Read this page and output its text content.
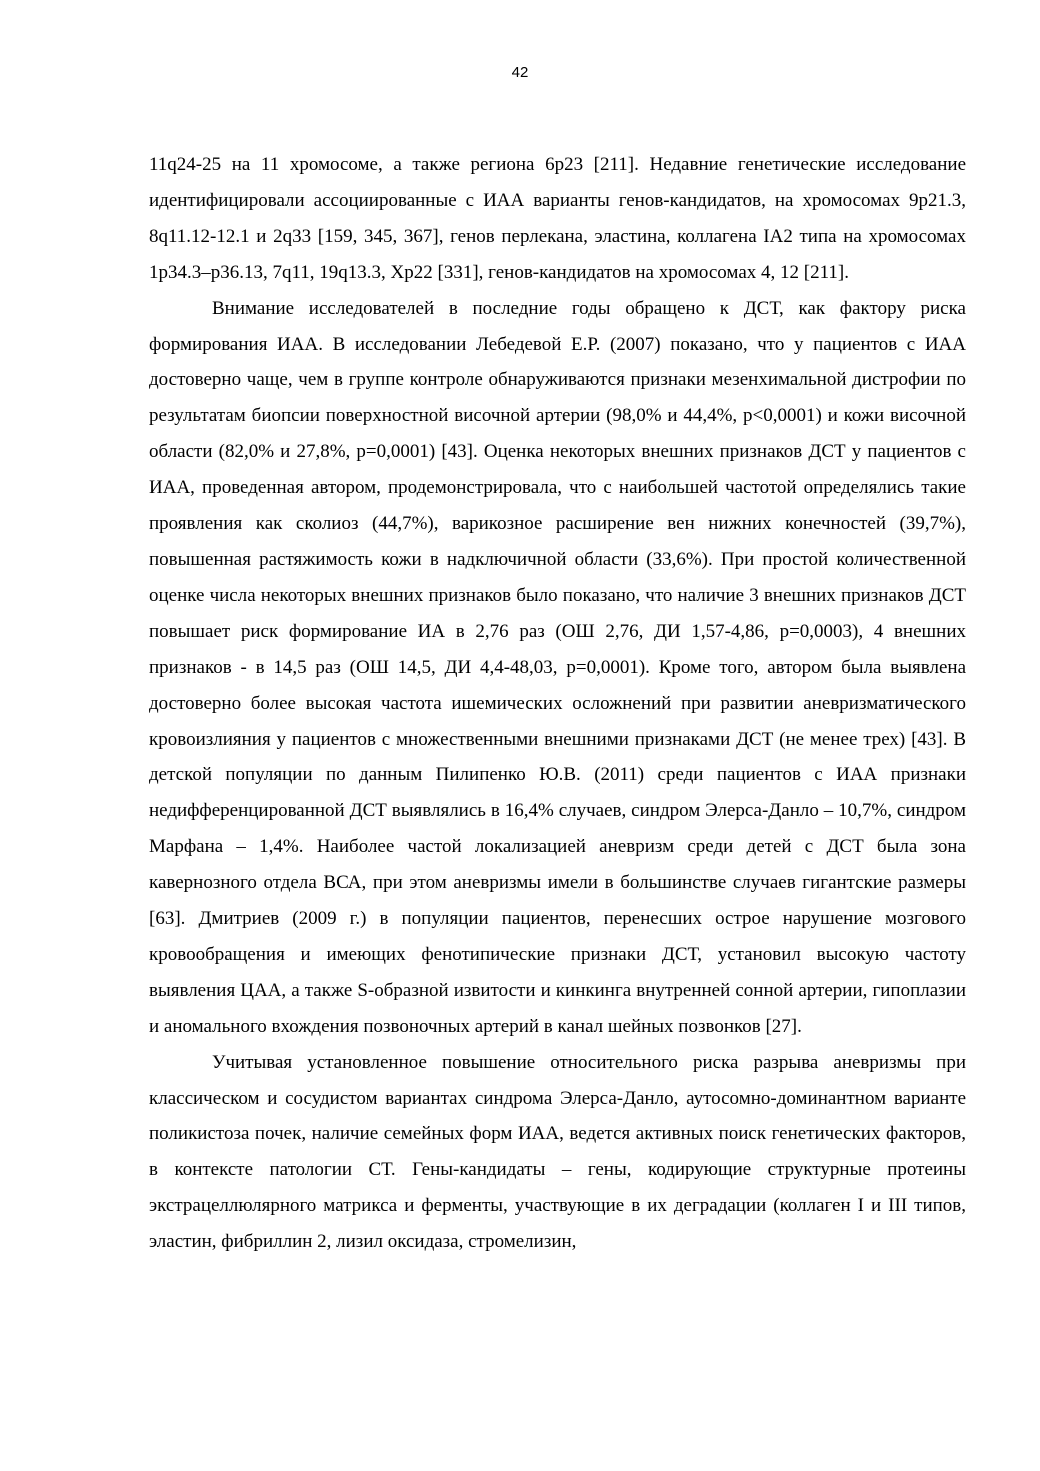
42

11q24-25 на 11 хромосоме, а также региона 6p23 [211]. Недавние генетические исследование идентифицировали ассоциированные с ИАА варианты генов-кандидатов, на хромосомах 9p21.3, 8q11.12-12.1 и 2q33 [159, 345, 367], генов перлекана, эластина, коллагена IA2 типа на хромосомах 1p34.3–p36.13, 7q11, 19q13.3, Xp22 [331], генов-кандидатов на хромосомах 4, 12 [211].

Внимание исследователей в последние годы обращено к ДСТ, как фактору риска формирования ИАА. В исследовании Лебедевой Е.Р. (2007) показано, что у пациентов с ИАА достоверно чаще, чем в группе контроле обнаруживаются признаки мезенхимальной дистрофии по результатам биопсии поверхностной височной артерии (98,0% и 44,4%, p<0,0001) и кожи височной области (82,0% и 27,8%, p=0,0001) [43]. Оценка некоторых внешних признаков ДСТ у пациентов с ИАА, проведенная автором, продемонстрировала, что с наибольшей частотой определялись такие проявления как сколиоз (44,7%), варикозное расширение вен нижних конечностей (39,7%), повышенная растяжимость кожи в надключичной области (33,6%). При простой количественной оценке числа некоторых внешних признаков было показано, что наличие 3 внешних признаков ДСТ повышает риск формирование ИА в 2,76 раз (ОШ 2,76, ДИ 1,57-4,86, p=0,0003), 4 внешних признаков - в 14,5 раз (ОШ 14,5, ДИ 4,4-48,03, p=0,0001). Кроме того, автором была выявлена достоверно более высокая частота ишемических осложнений при развитии аневризматического кровоизлияния у пациентов с множественными внешними признаками ДСТ (не менее трех) [43]. В детской популяции по данным Пилипенко Ю.В. (2011) среди пациентов с ИАА признаки недифференцированной ДСТ выявлялись в 16,4% случаев, синдром Элерса-Данло – 10,7%, синдром Марфана – 1,4%. Наиболее частой локализацией аневризм среди детей с ДСТ была зона кавернозного отдела ВСА, при этом аневризмы имели в большинстве случаев гигантские размеры [63]. Дмитриев (2009 г.) в популяции пациентов, перенесших острое нарушение мозгового кровообращения и имеющих фенотипические признаки ДСТ, установил высокую частоту выявления ЦАА, а также S-образной извитости и кинкинга внутренней сонной артерии, гипоплазии и аномального вхождения позвоночных артерий в канал шейных позвонков [27].

Учитывая установленное повышение относительного риска разрыва аневризмы при классическом и сосудистом вариантах синдрома Элерса-Данло, аутосомно-доминантном варианте поликистоза почек, наличие семейных форм ИАА, ведется активных поиск генетических факторов, в контексте патологии СТ. Гены-кандидаты – гены, кодирующие структурные протеины экстрацеллюлярного матрикса и ферменты, участвующие в их деградации (коллаген I и III типов, эластин, фибриллин 2, лизил оксидаза, стромелизин,
